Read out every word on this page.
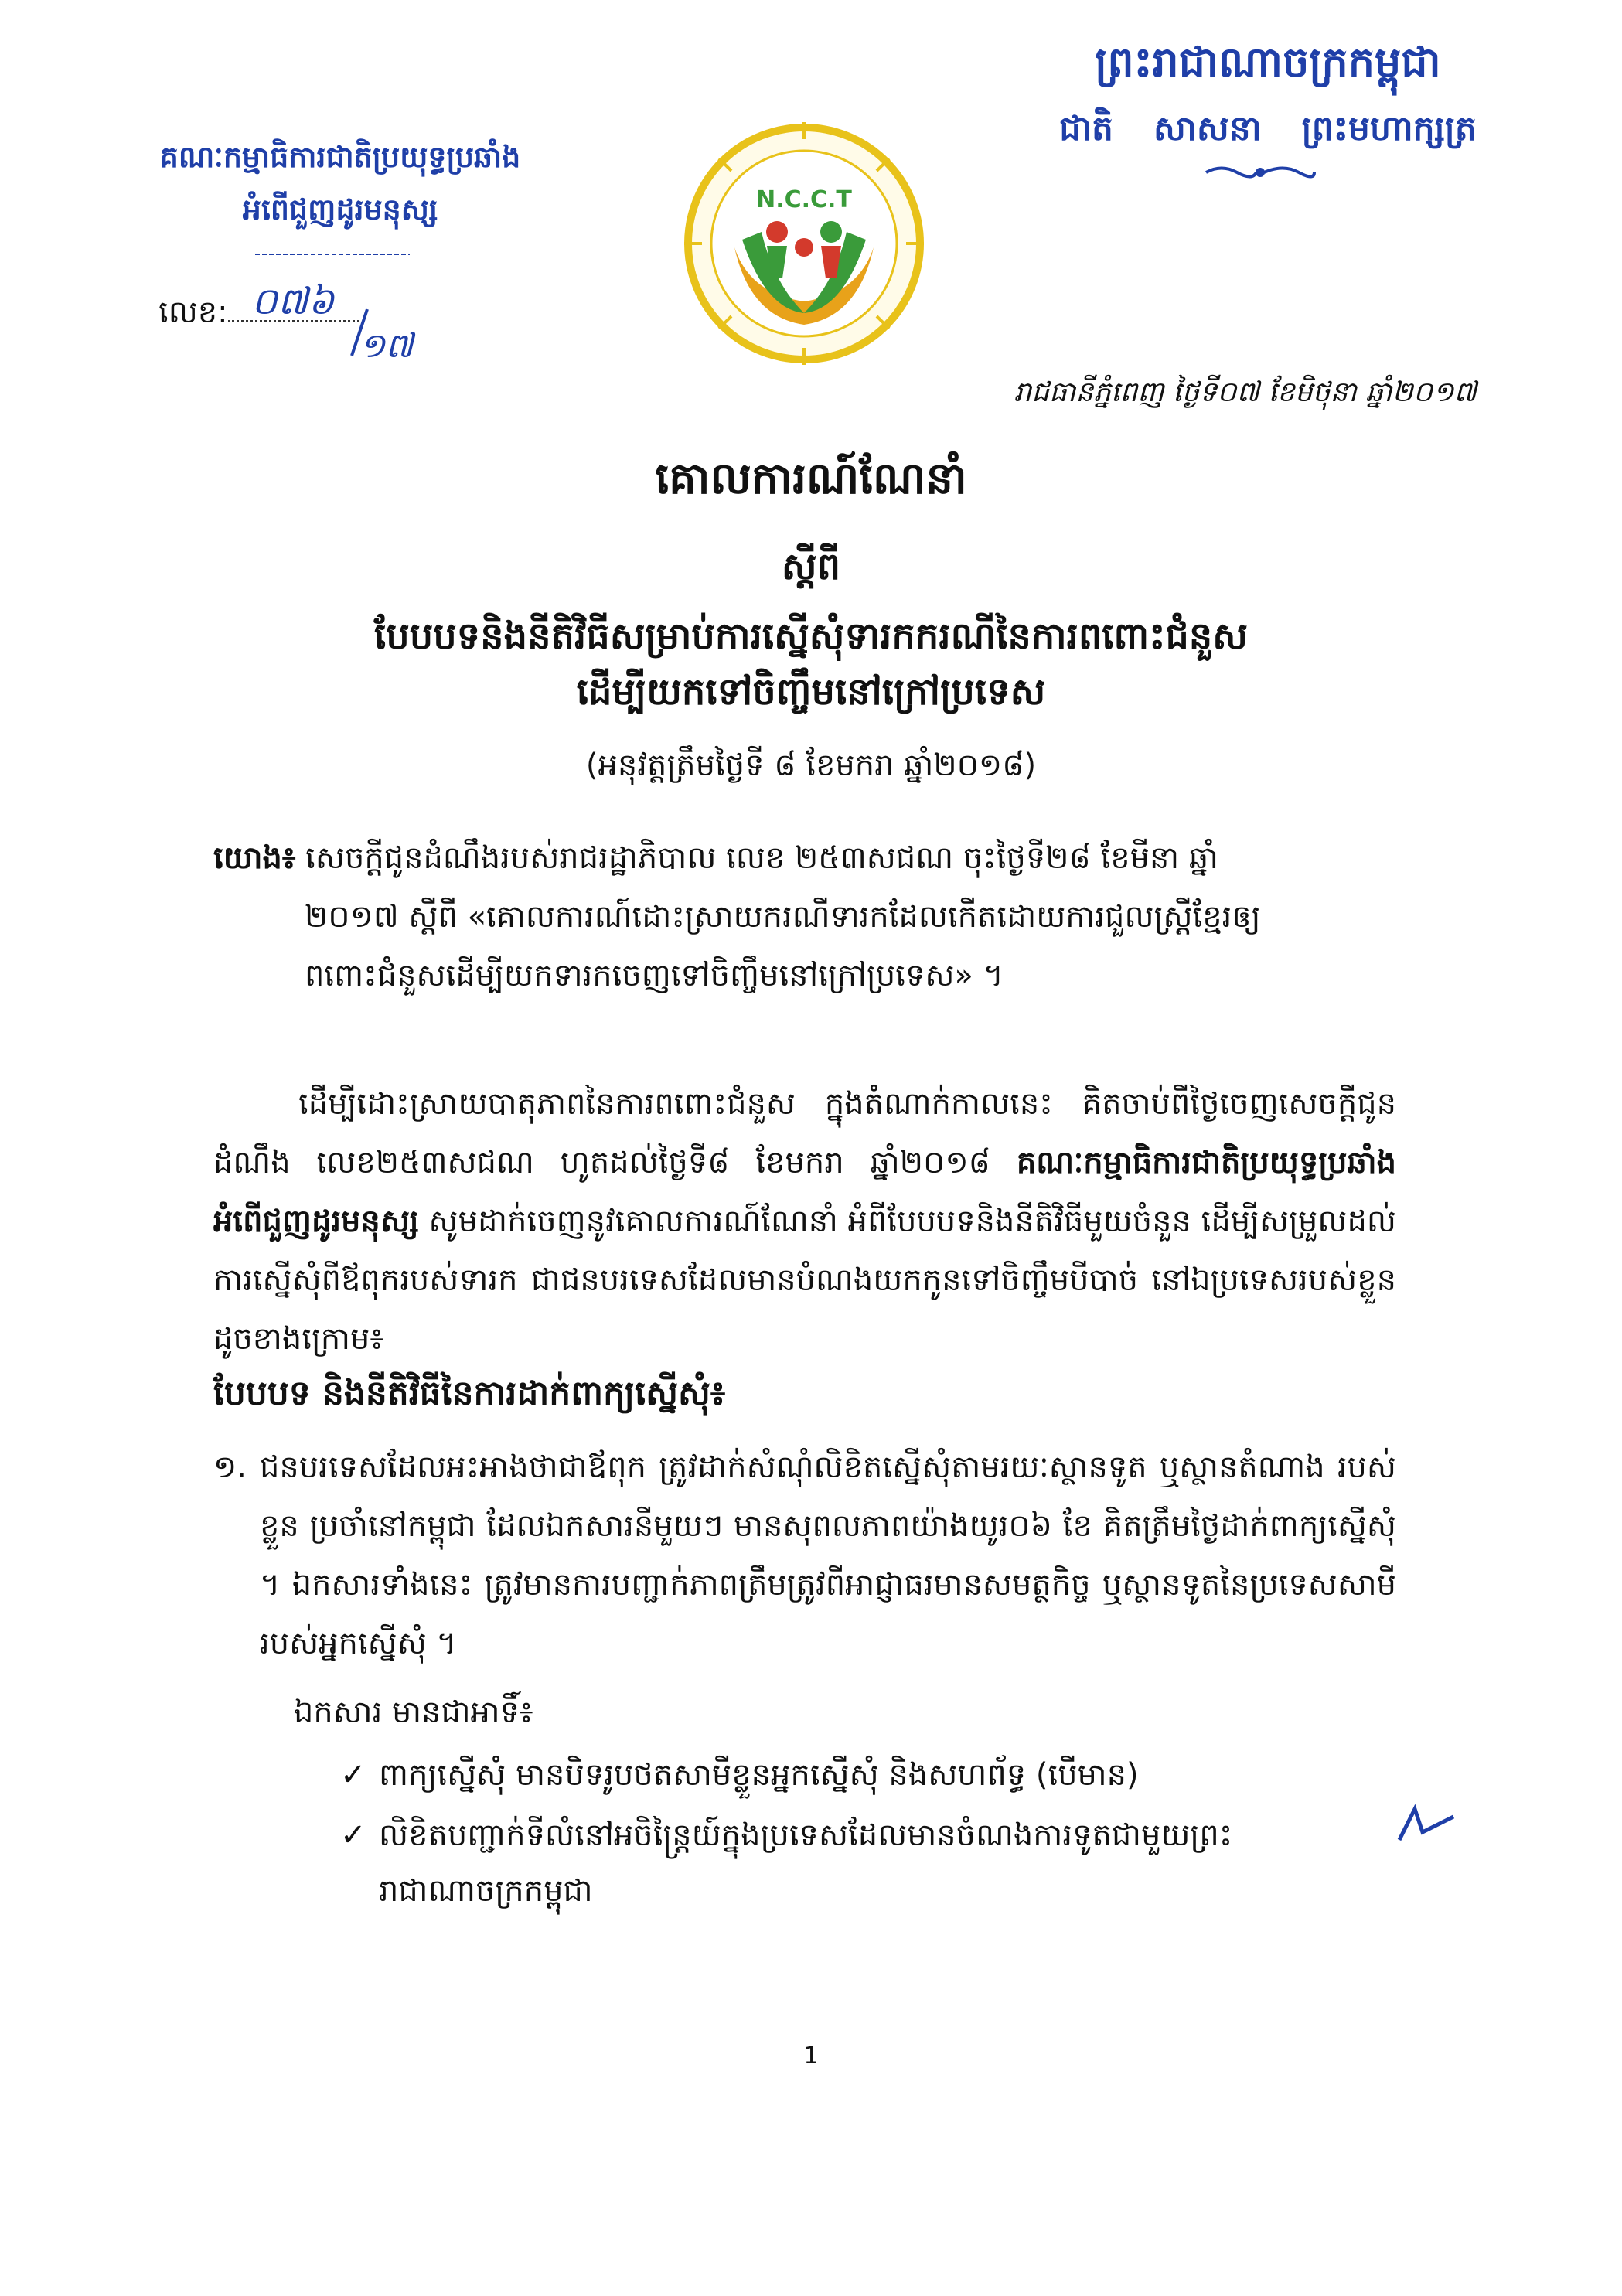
ព្រះរាជាណាចក្រកម្ពុជា
ជាតិ សាសនា ព្រះមហាក្សត្រ
គណៈកម្មាធិការជាតិប្រយុទ្ធប្រឆាំង
អំពើជួញដូរមនុស្ស
លេខ: ០៧៦
១៧
N.C.C.T
រាជធានីភ្នំពេញ ថ្ងៃទី០៧ ខែមិថុនា ឆ្នាំ២០១៧
គោលការណ៍ណែនាំ
ស្តីពី
បែបបទនិងនីតិវិធីសម្រាប់ការស្នើសុំទារកករណីនៃការពពោះជំនួស
ដើម្បីយកទៅចិញ្ចឹមនៅក្រៅប្រទេស
(អនុវត្តត្រឹមថ្ងៃទី ៨ ខែមករា ឆ្នាំ២០១៨)

យោង៖ សេចក្តីជូនដំណឹងរបស់រាជរដ្ឋាភិបាល លេខ ២៥៣សជណ ចុះថ្ងៃទី២៨ ខែមីនា ឆ្នាំ

២០១៧ ស្តីពី «គោលការណ៍ដោះស្រាយករណីទារកដែលកើតដោយការជួលស្ត្រីខ្មែរឲ្យ

ពពោះជំនួសដើម្បីយកទារកចេញទៅចិញ្ចឹមនៅក្រៅប្រទេស» ។

ដើម្បីដោះស្រាយបាតុភាពនៃការពពោះជំនួស ក្នុងតំណាក់កាលនេះ គិតចាប់ពីថ្ងៃចេញសេចក្តីជូនដំណឹង លេខ២៥៣សជណ ហូតដល់ថ្ងៃទី៨ ខែមករា ឆ្នាំ២០១៨ គណៈកម្មាធិការជាតិប្រយុទ្ធប្រឆាំងអំពើជួញដូរមនុស្ស សូមដាក់ចេញនូវគោលការណ៍ណែនាំ អំពីបែបបទនិងនីតិវិធីមួយចំនួន ដើម្បីសម្រួលដល់ការស្នើសុំពីឪពុករបស់ទារក ជាជនបរទេសដែលមានបំណងយកកូនទៅចិញ្ចឹមបីបាច់ នៅឯប្រទេសរបស់ខ្លួន ដូចខាងក្រោម៖
បែបបទ និងនីតិវិធីនៃការដាក់ពាក្យស្នើសុំ៖
១. ជនបរទេសដែលអះអាងថាជាឪពុក ត្រូវដាក់សំណុំលិខិតស្នើសុំតាមរយៈស្ថានទូត ឬស្ថានតំណាង របស់ខ្លួន ប្រចាំនៅកម្ពុជា ដែលឯកសារនីមួយៗ មានសុពលភាពយ៉ាងយូរ០៦ ខែ គិតត្រឹមថ្ងៃដាក់ពាក្យស្នើសុំ ។ ឯកសារទាំងនេះ ត្រូវមានការបញ្ជាក់ភាពត្រឹមត្រូវពីអាជ្ញាធរមានសមត្ថកិច្ច ឬស្ថានទូតនៃប្រទេសសាមីរបស់អ្នកស្នើសុំ ។
ឯកសារ មានជាអាទិ៍៖
✓ ពាក្យស្នើសុំ មានបិទរូបថតសាមីខ្លួនអ្នកស្នើសុំ និងសហព័ទ្ធ (បើមាន)
✓ លិខិតបញ្ជាក់ទីលំនៅអចិន្ត្រៃយ៍ក្នុងប្រទេសដែលមានចំណងការទូតជាមួយព្រះ
រាជាណាចក្រកម្ពុជា
1
